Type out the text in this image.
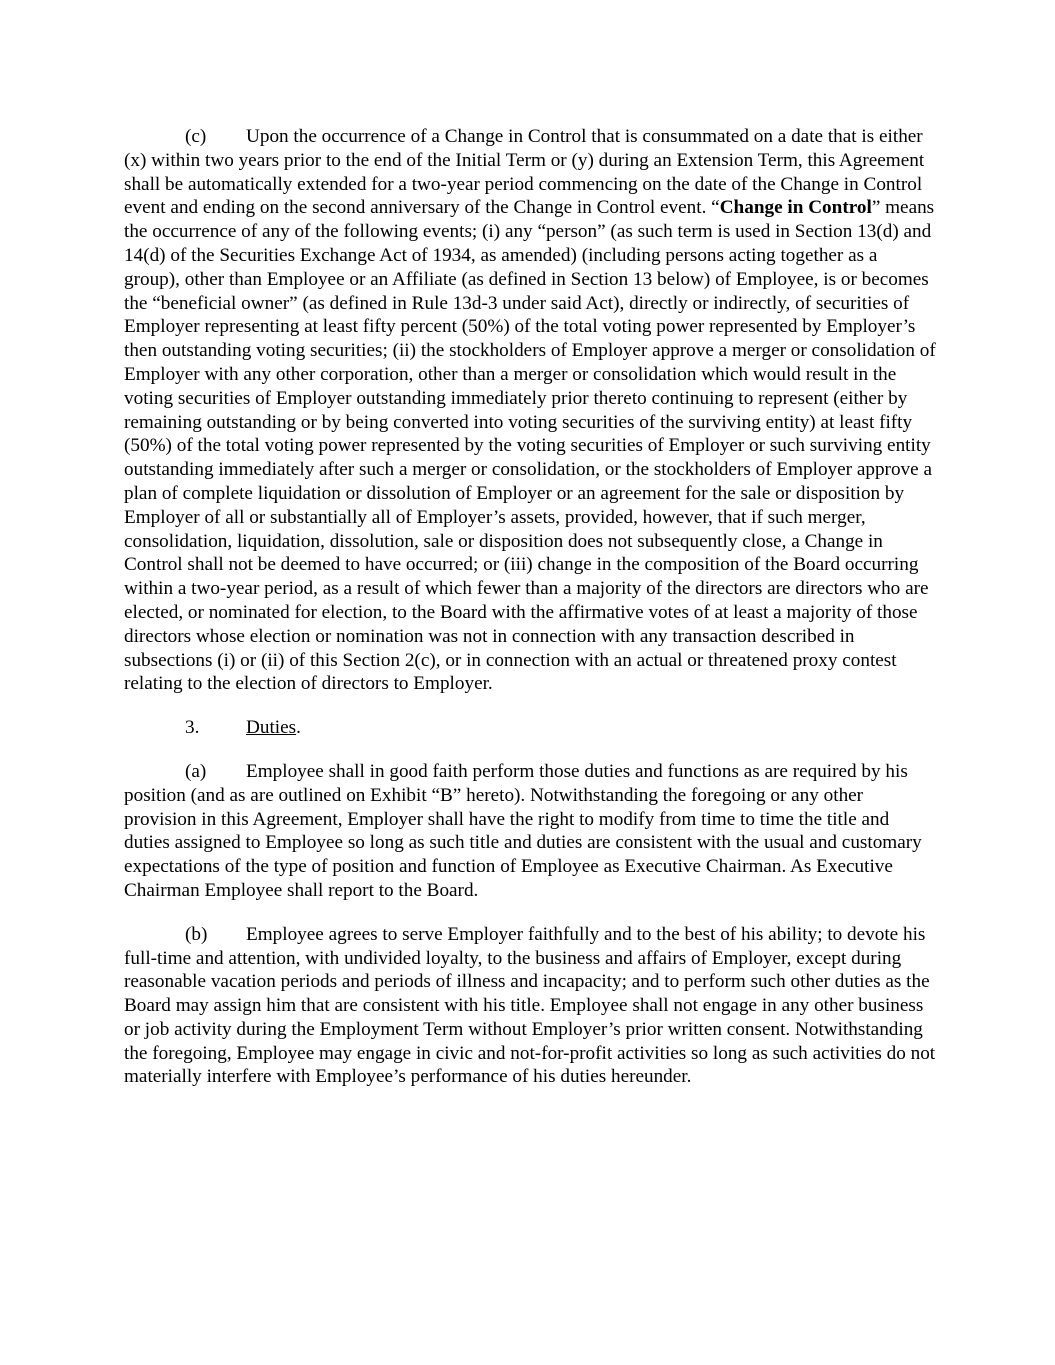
(c) Upon the occurrence of a Change in Control that is consummated on a date that is either (x) within two years prior to the end of the Initial Term or (y) during an Extension Term, this Agreement shall be automatically extended for a two-year period commencing on the date of the Change in Control event and ending on the second anniversary of the Change in Control event. “Change in Control” means the occurrence of any of the following events; (i) any “person” (as such term is used in Section 13(d) and 14(d) of the Securities Exchange Act of 1934, as amended) (including persons acting together as a group), other than Employee or an Affiliate (as defined in Section 13 below) of Employee, is or becomes the “beneficial owner” (as defined in Rule 13d-3 under said Act), directly or indirectly, of securities of Employer representing at least fifty percent (50%) of the total voting power represented by Employer’s then outstanding voting securities; (ii) the stockholders of Employer approve a merger or consolidation of Employer with any other corporation, other than a merger or consolidation which would result in the voting securities of Employer outstanding immediately prior thereto continuing to represent (either by remaining outstanding or by being converted into voting securities of the surviving entity) at least fifty (50%) of the total voting power represented by the voting securities of Employer or such surviving entity outstanding immediately after such a merger or consolidation, or the stockholders of Employer approve a plan of complete liquidation or dissolution of Employer or an agreement for the sale or disposition by Employer of all or substantially all of Employer’s assets, provided, however, that if such merger, consolidation, liquidation, dissolution, sale or disposition does not subsequently close, a Change in Control shall not be deemed to have occurred; or (iii) change in the composition of the Board occurring within a two-year period, as a result of which fewer than a majority of the directors are directors who are elected, or nominated for election, to the Board with the affirmative votes of at least a majority of those directors whose election or nomination was not in connection with any transaction described in subsections (i) or (ii) of this Section 2(c), or in connection with an actual or threatened proxy contest relating to the election of directors to Employer.

3. Duties.

(a) Employee shall in good faith perform those duties and functions as are required by his position (and as are outlined on Exhibit “B” hereto). Notwithstanding the foregoing or any other provision in this Agreement, Employer shall have the right to modify from time to time the title and duties assigned to Employee so long as such title and duties are consistent with the usual and customary expectations of the type of position and function of Employee as Executive Chairman. As Executive Chairman Employee shall report to the Board.

(b) Employee agrees to serve Employer faithfully and to the best of his ability; to devote his full-time and attention, with undivided loyalty, to the business and affairs of Employer, except during reasonable vacation periods and periods of illness and incapacity; and to perform such other duties as the Board may assign him that are consistent with his title. Employee shall not engage in any other business or job activity during the Employment Term without Employer’s prior written consent. Notwithstanding the foregoing, Employee may engage in civic and not-for-profit activities so long as such activities do not materially interfere with Employee’s performance of his duties hereunder.
